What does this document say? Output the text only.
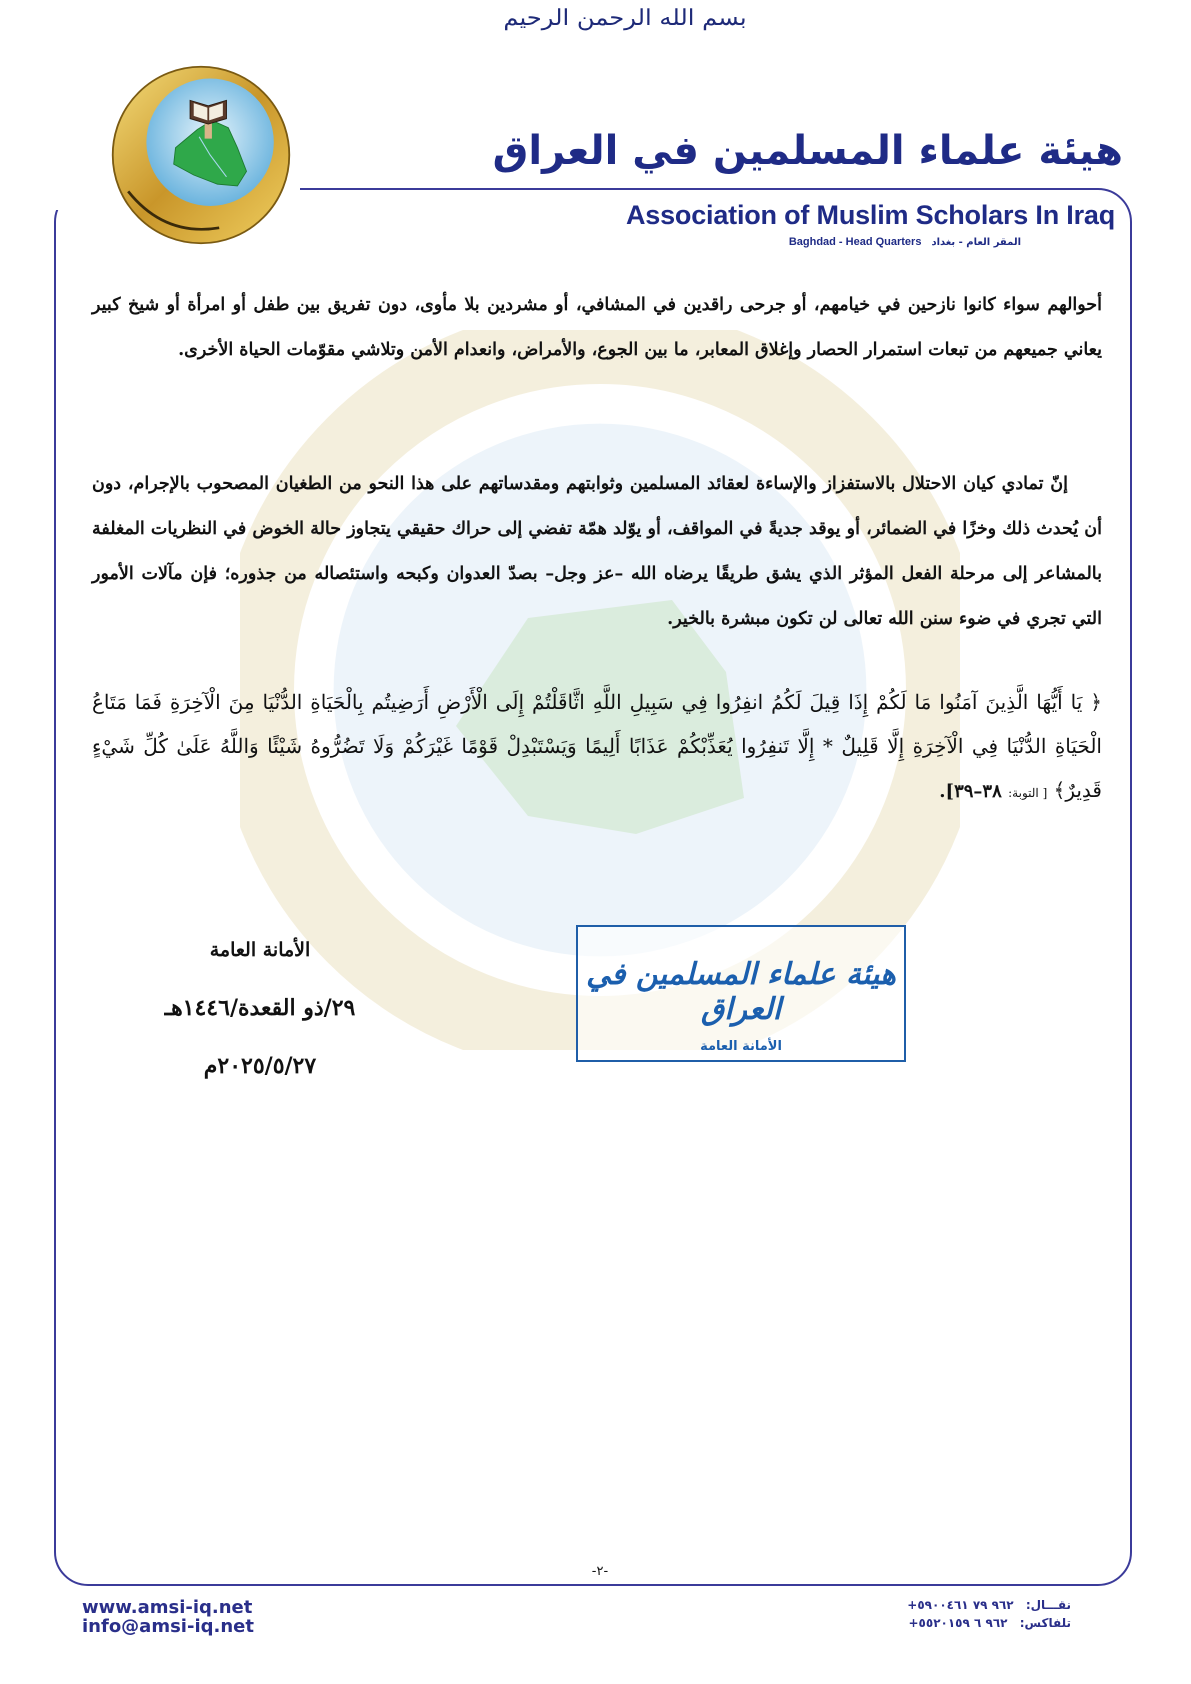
بسم الله الرحمن الرحيم
هيئة علماء المسلمين في العراق
Association of Muslim Scholars In Iraq
Baghdad - Head Quarters المقر العام - بغداد

أحوالهم سواء كانوا نازحين في خيامهم، أو جرحى راقدين في المشافي، أو مشردين بلا مأوى، دون تفريق بين طفل أو امرأة أو شيخ كبير يعاني جميعهم من تبعات استمرار الحصار وإغلاق المعابر، ما بين الجوع، والأمراض، وانعدام الأمن وتلاشي مقوّمات الحياة الأخرى.

إنّ تمادي كيان الاحتلال بالاستفزاز والإساءة لعقائد المسلمين وثوابتهم ومقدساتهم على هذا النحو من الطغيان المصحوب بالإجرام، دون أن يُحدث ذلك وخزًا في الضمائر، أو يوقد جديةً في المواقف، أو يوّلد همّة تفضي إلى حراك حقيقي يتجاوز حالة الخوض في النظريات المغلفة بالمشاعر إلى مرحلة الفعل المؤثر الذي يشق طريقًا يرضاه الله –عز وجل– بصدّ العدوان وكبحه واستئصاله من جذوره؛ فإن مآلات الأمور التي تجري في ضوء سنن الله تعالى لن تكون مبشرة بالخير.

﴿ يَا أَيُّهَا الَّذِينَ آمَنُوا مَا لَكُمْ إِذَا قِيلَ لَكُمُ انفِرُوا فِي سَبِيلِ اللَّهِ اثَّاقَلْتُمْ إِلَى الْأَرْضِ أَرَضِيتُم بِالْحَيَاةِ الدُّنْيَا مِنَ الْآخِرَةِ فَمَا مَتَاعُ الْحَيَاةِ الدُّنْيَا فِي الْآخِرَةِ إِلَّا قَلِيلٌ * إِلَّا تَنفِرُوا يُعَذِّبْكُمْ عَذَابًا أَلِيمًا وَيَسْتَبْدِلْ قَوْمًا غَيْرَكُمْ وَلَا تَضُرُّوهُ شَيْئًا وَاللَّهُ عَلَىٰ كُلِّ شَيْءٍ قَدِيرٌ﴾ [ التوبة: ٣٨–٣٩].

الأمانة العامة
٢٩/ذو القعدة/١٤٤٦هـ
٢٠٢٥/٥/٢٧م
هيئة علماء المسلمين في العراق
الأمانة العامة
-٢-
www.amsi-iq.net
info@amsi-iq.net
نقـــال: +٩٦٢ ٧٩ ٥٩٠٠٤٦١
تلفاكس: +٩٦٢ ٦ ٥٥٢٠١٥٩
